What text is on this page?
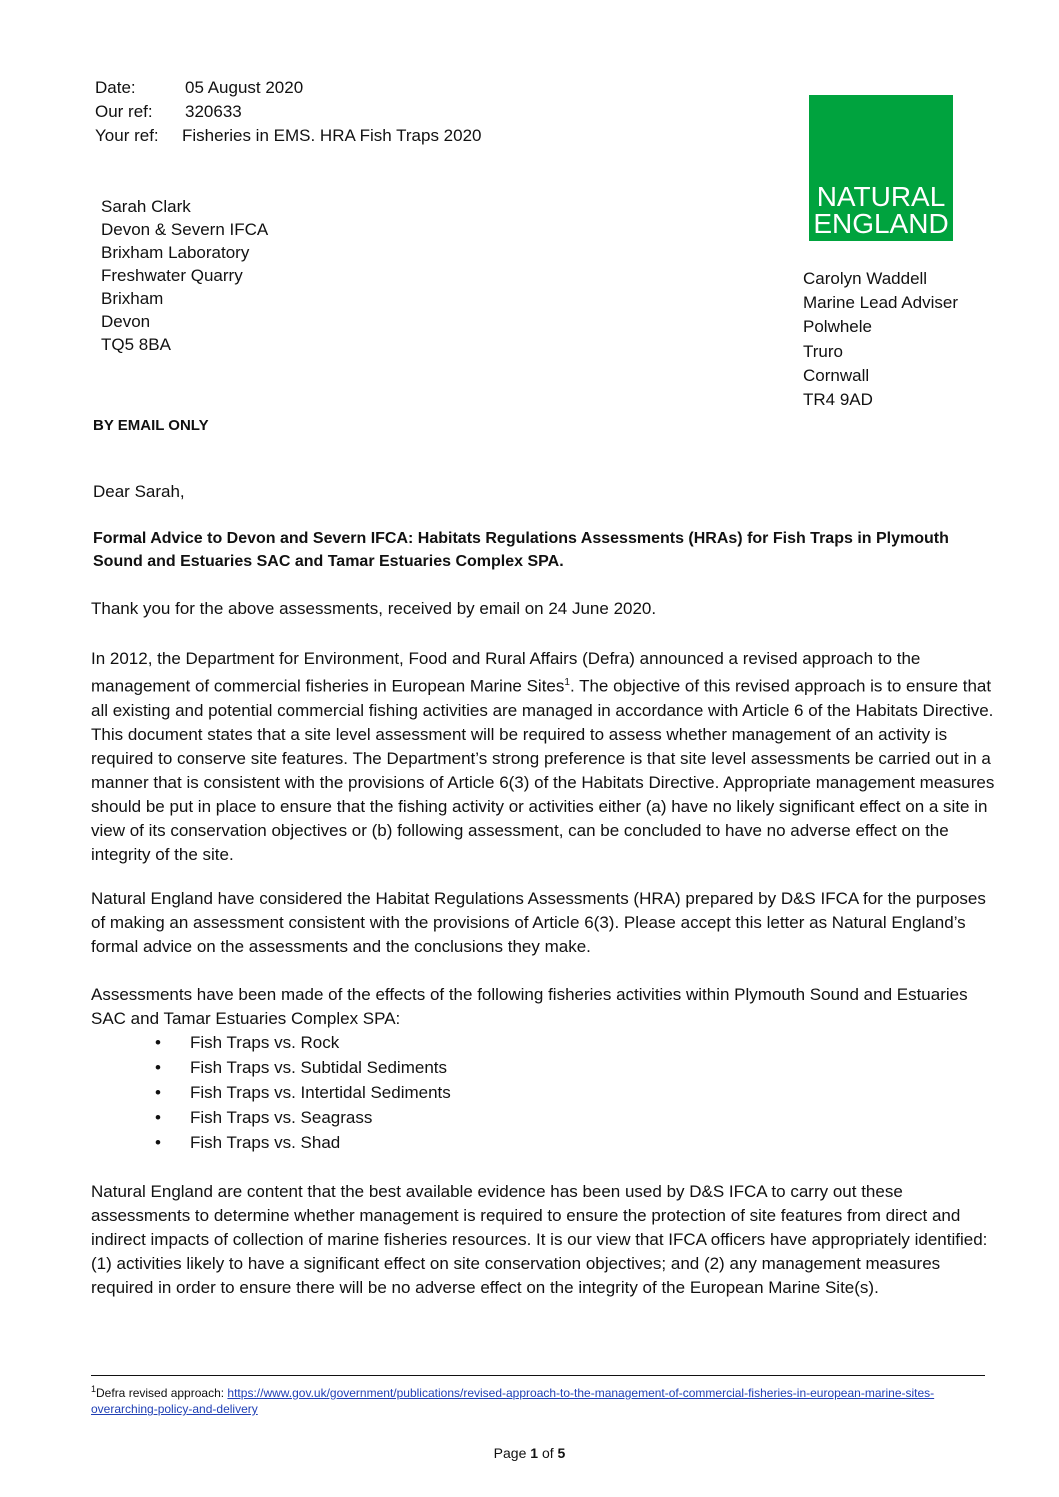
Date:	05 August 2020
Our ref:	320633
Your ref:	Fisheries in EMS. HRA Fish Traps 2020
NATURAL
ENGLAND
Sarah Clark
Devon & Severn IFCA
Brixham Laboratory
Freshwater Quarry
Brixham
Devon
TQ5 8BA
Carolyn Waddell
Marine Lead Adviser
Polwhele
Truro
Cornwall
TR4 9AD
BY EMAIL ONLY
Dear Sarah,
Formal Advice to Devon and Severn IFCA: Habitats Regulations Assessments (HRAs) for Fish Traps in Plymouth Sound and Estuaries SAC and Tamar Estuaries Complex SPA.
Thank you for the above assessments, received by email on 24 June 2020.
In 2012, the Department for Environment, Food and Rural Affairs (Defra) announced a revised approach to the management of commercial fisheries in European Marine Sites$^1$. The objective of this revised approach is to ensure that all existing and potential commercial fishing activities are managed in accordance with Article 6 of the Habitats Directive. This document states that a site level assessment will be required to assess whether management of an activity is required to conserve site features. The Department’s strong preference is that site level assessments be carried out in a manner that is consistent with the provisions of Article 6(3) of the Habitats Directive. Appropriate management measures should be put in place to ensure that the fishing activity or activities either (a) have no likely significant effect on a site in view of its conservation objectives or (b) following assessment, can be concluded to have no adverse effect on the integrity of the site.
Natural England have considered the Habitat Regulations Assessments (HRA) prepared by D&S IFCA for the purposes of making an assessment consistent with the provisions of Article 6(3). Please accept this letter as Natural England’s formal advice on the assessments and the conclusions they make.
Assessments have been made of the effects of the following fisheries activities within Plymouth Sound and Estuaries SAC and Tamar Estuaries Complex SPA:
• Fish Traps vs. Rock
• Fish Traps vs. Subtidal Sediments
• Fish Traps vs. Intertidal Sediments
• Fish Traps vs. Seagrass
• Fish Traps vs. Shad
Natural England are content that the best available evidence has been used by D&S IFCA to carry out these assessments to determine whether management is required to ensure the protection of site features from direct and indirect impacts of collection of marine fisheries resources. It is our view that IFCA officers have appropriately identified: (1) activities likely to have a significant effect on site conservation objectives; and (2) any management measures required in order to ensure there will be no adverse effect on the integrity of the European Marine Site(s).
$^1$Defra revised approach: https://www.gov.uk/government/publications/revised-approach-to-the-management-of-commercial-fisheries-in-european-marine-sites-overarching-policy-and-delivery
Page 1 of 5
